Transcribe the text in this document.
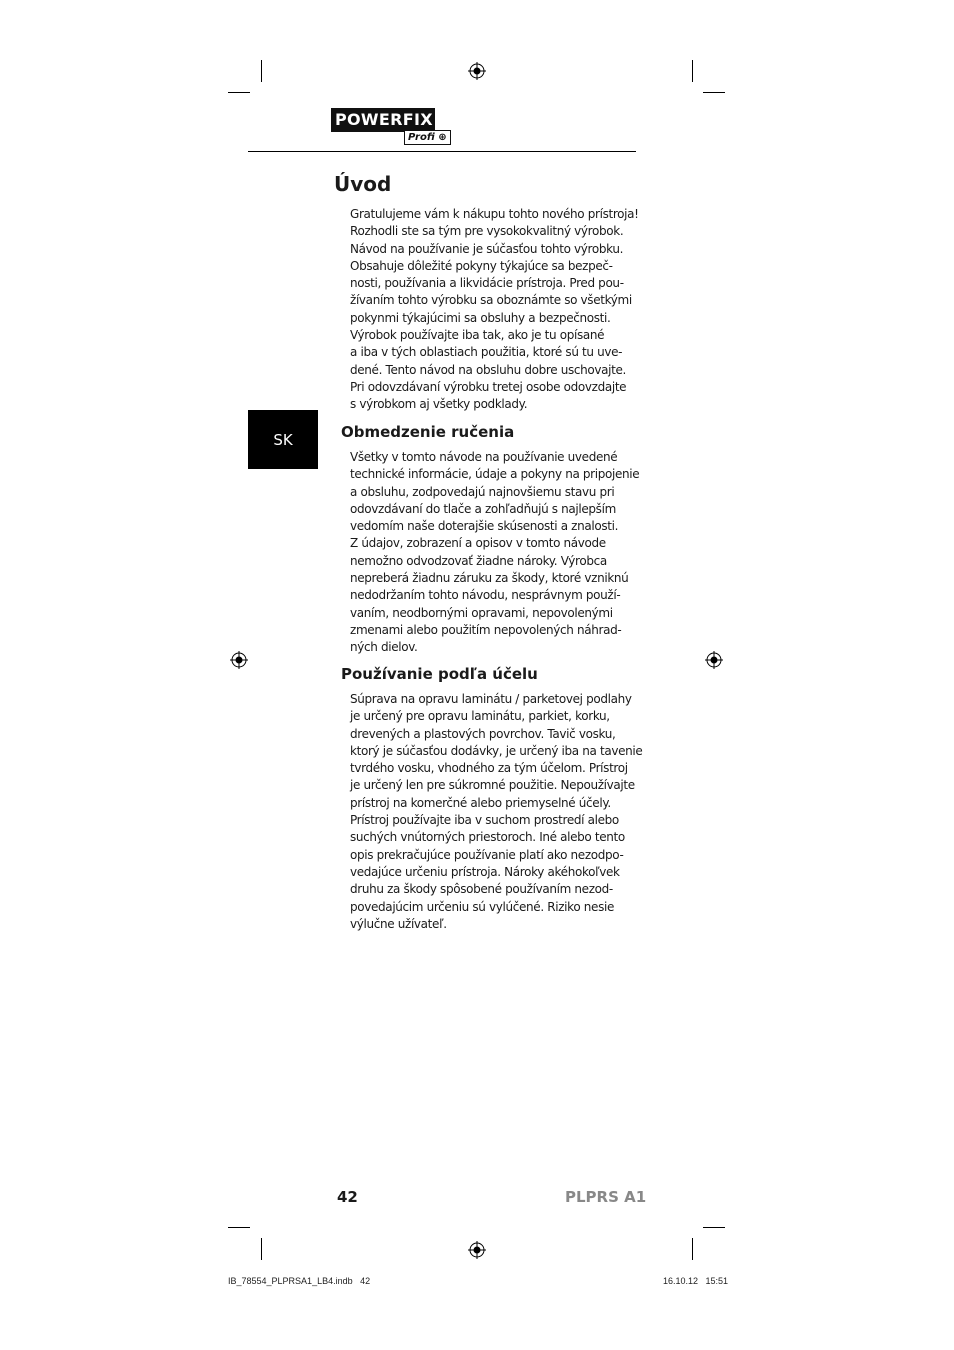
POWERFIX
Profi ⊕
SK
Úvod

Gratulujeme vám k nákupu tohto nového prístroja!
Rozhodli ste sa tým pre vysokokvalitný výrobok.
Návod na používanie je súčasťou tohto výrobku.
Obsahuje dôležité pokyny týkajúce sa bezpeč-
nosti, používania a likvidácie prístroja. Pred pou-
žívaním tohto výrobku sa oboznámte so všetkými
pokynmi týkajúcimi sa obsluhy a bezpečnosti.
Výrobok používajte iba tak, ako je tu opísané
a iba v tých oblastiach použitia, ktoré sú tu uve-
dené. Tento návod na obsluhu dobre uschovajte.
Pri odovzdávaní výrobku tretej osobe odovzdajte
s výrobkom aj všetky podklady.

Obmedzenie ručenia

Všetky v tomto návode na používanie uvedené
technické informácie, údaje a pokyny na pripojenie
a obsluhu, zodpovedajú najnovšiemu stavu pri
odovzdávaní do tlače a zohľadňujú s najlepším
vedomím naše doterajšie skúsenosti a znalosti.
Z údajov, zobrazení a opisov v tomto návode
nemožno odvodzovať žiadne nároky. Výrobca
nepreberá žiadnu záruku za škody, ktoré vzniknú
nedodržaním tohto návodu, nesprávnym použí-
vaním, neodbornými opravami, nepovolenými
zmenami alebo použitím nepovolených náhrad-
ných dielov.

Používanie podľa účelu

Súprava na opravu laminátu / parketovej podlahy
je určený pre opravu laminátu, parkiet, korku,
drevených a plastových povrchov. Tavič vosku,
ktorý je súčasťou dodávky, je určený iba na tavenie
tvrdého vosku, vhodného za tým účelom. Prístroj
je určený len pre súkromné použitie. Nepoužívajte
prístroj na komerčné alebo priemyselné účely.
Prístroj používajte iba v suchom prostredí alebo
suchých vnútorných priestoroch. Iné alebo tento
opis prekračujúce používanie platí ako nezodpo-
vedajúce určeniu prístroja. Nároky akéhokoľvek
druhu za škody spôsobené používaním nezod-
povedajúcim určeniu sú vylúčené. Riziko nesie
výlučne užívateľ.

42	PLPRS A1
IB_78554_PLPRSA1_LB4.indb   42	16.10.12   15:51
